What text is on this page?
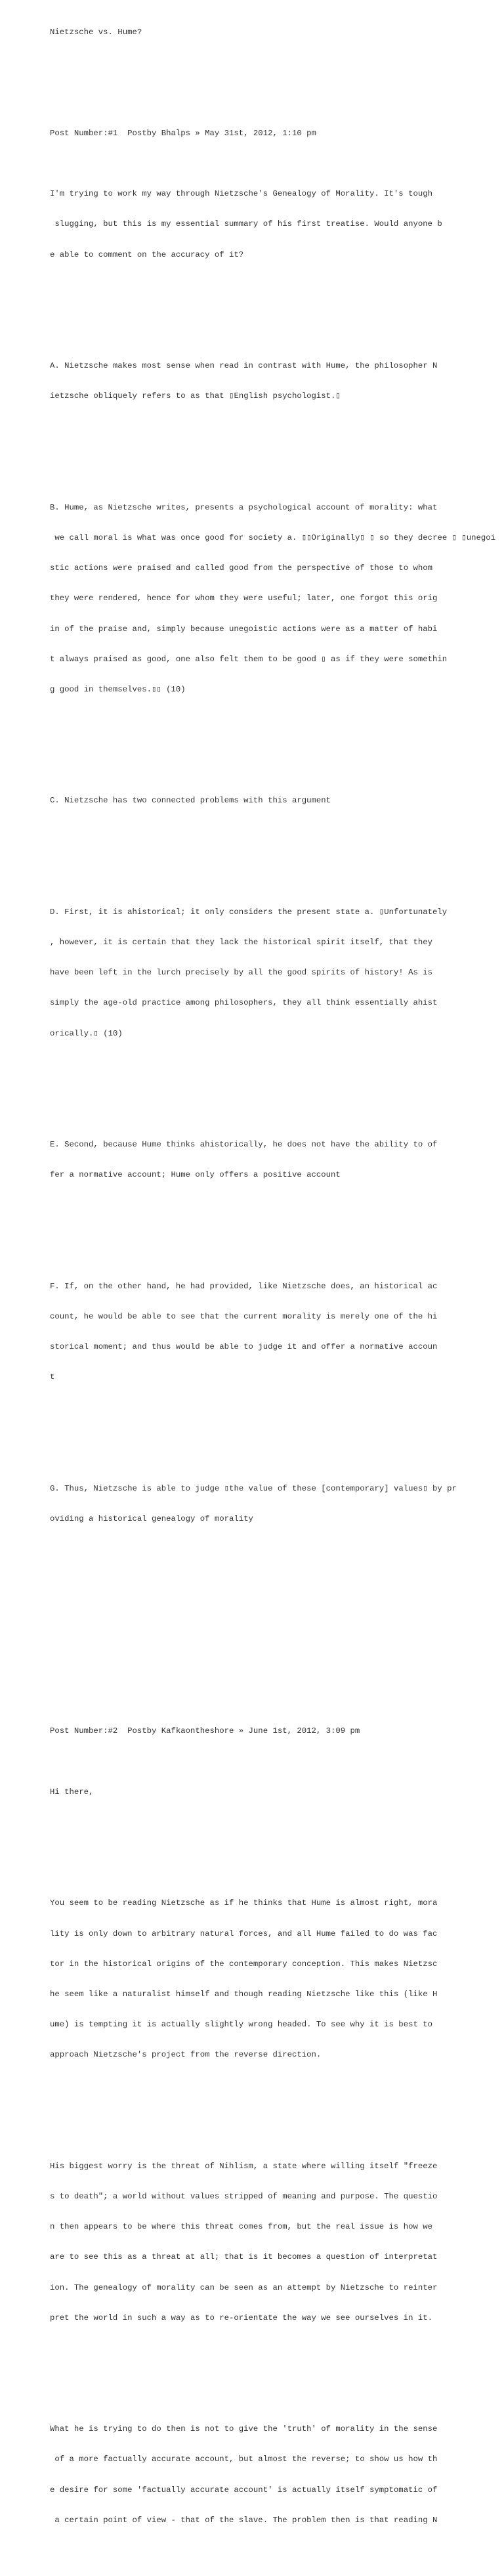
Nietzsche vs. Hume?

Post Number:#1  Postby Bhalps » May 31st, 2012, 1:10 pm

I'm trying to work my way through Nietzsche's Genealogy of Morality. It's tough

slugging, but this is my essential summary of his first treatise. Would anyone b

e able to comment on the accuracy of it?

A. Nietzsche makes most sense when read in contrast with Hume, the philosopher N

ietzsche obliquely refers to as that ▯English psychologist.▯

B. Hume, as Nietzsche writes, presents a psychological account of morality: what

we call moral is what was once good for society a. ▯▯Originally▯ ▯ so they decree ▯ ▯unegoi

stic actions were praised and called good from the perspective of those to whom

they were rendered, hence for whom they were useful; later, one forgot this orig

in of the praise and, simply because unegoistic actions were as a matter of habi

t always praised as good, one also felt them to be good ▯ as if they were somethin

g good in themselves.▯▯ (10)

C. Nietzsche has two connected problems with this argument

D. First, it is ahistorical; it only considers the present state a. ▯Unfortunately

, however, it is certain that they lack the historical spirit itself, that they

have been left in the lurch precisely by all the good spirits of history! As is

simply the age-old practice among philosophers, they all think essentially ahist

orically.▯ (10)

E. Second, because Hume thinks ahistorically, he does not have the ability to of

fer a normative account; Hume only offers a positive account

F. If, on the other hand, he had provided, like Nietzsche does, an historical ac

count, he would be able to see that the current morality is merely one of the hi

storical moment; and thus would be able to judge it and offer a normative accoun

t

G. Thus, Nietzsche is able to judge ▯the value of these [contemporary] values▯ by pr

oviding a historical genealogy of morality

Post Number:#2  Postby Kafkaontheshore » June 1st, 2012, 3:09 pm

Hi there,

You seem to be reading Nietzsche as if he thinks that Hume is almost right, mora

lity is only down to arbitrary natural forces, and all Hume failed to do was fac

tor in the historical origins of the contemporary conception. This makes Nietzsc

he seem like a naturalist himself and though reading Nietzsche like this (like H

ume) is tempting it is actually slightly wrong headed. To see why it is best to

approach Nietzsche's project from the reverse direction.

His biggest worry is the threat of Nihlism, a state where willing itself "freeze

s to death"; a world without values stripped of meaning and purpose. The questio

n then appears to be where this threat comes from, but the real issue is how we

are to see this as a threat at all; that is it becomes a question of interpretat

ion. The genealogy of morality can be seen as an attempt by Nietzsche to reinter

pret the world in such a way as to re-orientate the way we see ourselves in it.

What he is trying to do then is not to give the 'truth' of morality in the sense

of a more factually accurate account, but almost the reverse; to show us how th

e desire for some 'factually accurate account' is actually itself symptomatic of

a certain point of view - that of the slave. The problem then is that reading N
